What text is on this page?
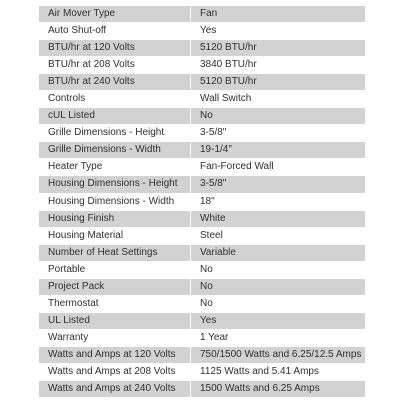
Air Mover Type	Fan
Auto Shut-off	Yes
BTU/hr at 120 Volts	5120 BTU/hr
BTU/hr at 208 Volts	3840 BTU/hr
BTU/hr at 240 Volts	5120 BTU/hr
Controls	Wall Switch
cUL Listed	No
Grille Dimensions - Height	3-5/8"
Grille Dimensions - Width	19-1/4"
Heater Type	Fan-Forced Wall
Housing Dimensions - Height	3-5/8"
Housing Dimensions - Width	18"
Housing Finish	White
Housing Material	Steel
Number of Heat Settings	Variable
Portable	No
Project Pack	No
Thermostat	No
UL Listed	Yes
Warranty	1 Year
Watts and Amps at 120 Volts	750/1500 Watts and 6.25/12.5 Amps
Watts and Amps at 208 Volts	1125 Watts and 5.41 Amps
Watts and Amps at 240 Volts	1500 Watts and 6.25 Amps
